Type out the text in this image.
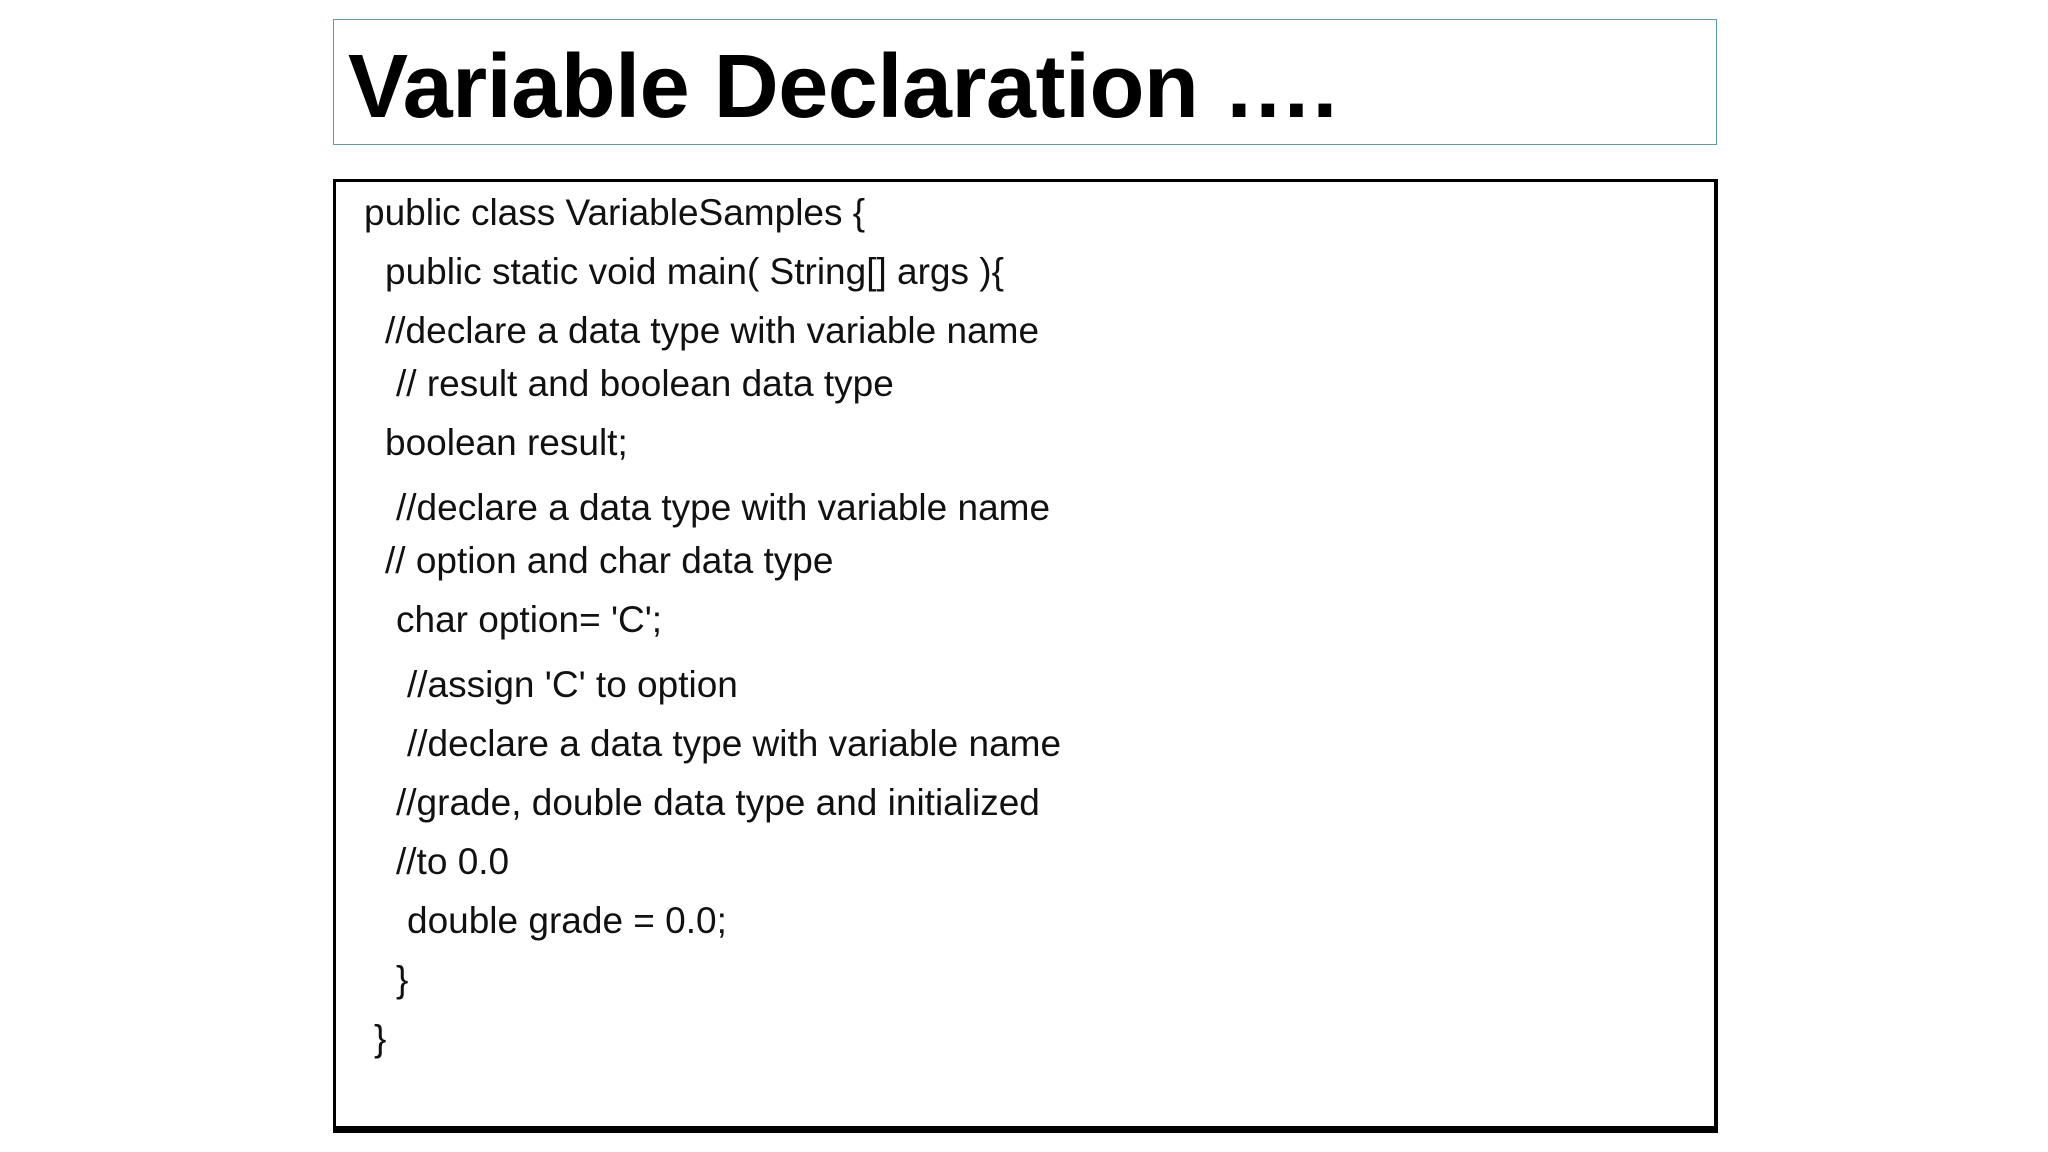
Variable Declaration ….
public class VariableSamples {
public static void main( String[] args ){
//declare a data type with variable name
// result and boolean data type
boolean result;
//declare a data type with variable name
// option and char data type
char option= 'C';
//assign 'C' to option
//declare a data type with variable name
//grade, double data type and initialized
//to 0.0
double grade = 0.0;
}
}
